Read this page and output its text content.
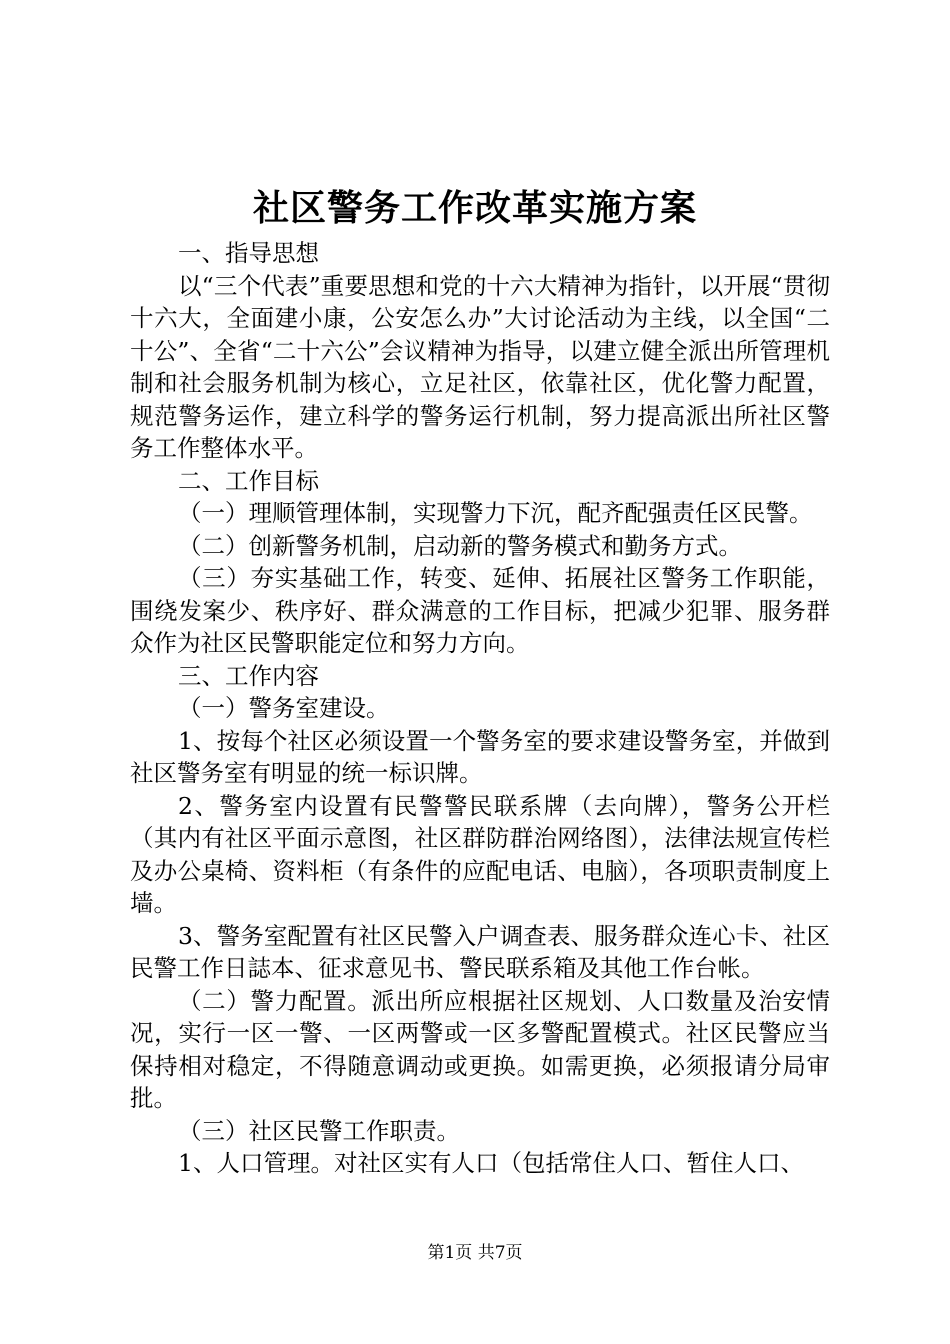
社区警务工作改革实施方案

一、指导思想

以“三个代表”重要思想和党的十六大精神为指针，以开展“贯彻十六大，全面建小康，公安怎么办”大讨论活动为主线，以全国“二十公”、全省“二十六公”会议精神为指导，以建立健全派出所管理机制和社会服务机制为核心，立足社区，依靠社区，优化警力配置，规范警务运作，建立科学的警务运行机制，努力提高派出所社区警务工作整体水平。

二、工作目标

（一）理顺管理体制，实现警力下沉，配齐配强责任区民警。

（二）创新警务机制，启动新的警务模式和勤务方式。

（三）夯实基础工作，转变、延伸、拓展社区警务工作职能，围绕发案少、秩序好、群众满意的工作目标，把减少犯罪、服务群众作为社区民警职能定位和努力方向。

三、工作内容

（一）警务室建设。

1、按每个社区必须设置一个警务室的要求建设警务室，并做到社区警务室有明显的统一标识牌。

2、警务室内设置有民警警民联系牌（去向牌），警务公开栏（其内有社区平面示意图，社区群防群治网络图），法律法规宣传栏及办公桌椅、资料柜（有条件的应配电话、电脑），各项职责制度上墙。

3、警务室配置有社区民警入户调查表、服务群众连心卡、社区民警工作日誌本、征求意见书、警民联系箱及其他工作台帐。

（二）警力配置。派出所应根据社区规划、人口数量及治安情况，实行一区一警、一区两警或一区多警配置模式。社区民警应当保持相对稳定，不得随意调动或更换。如需更换，必须报请分局审批。

（三）社区民警工作职责。

1、人口管理。对社区实有人口（包括常住人口、暂住人口、

第1页 共7页
